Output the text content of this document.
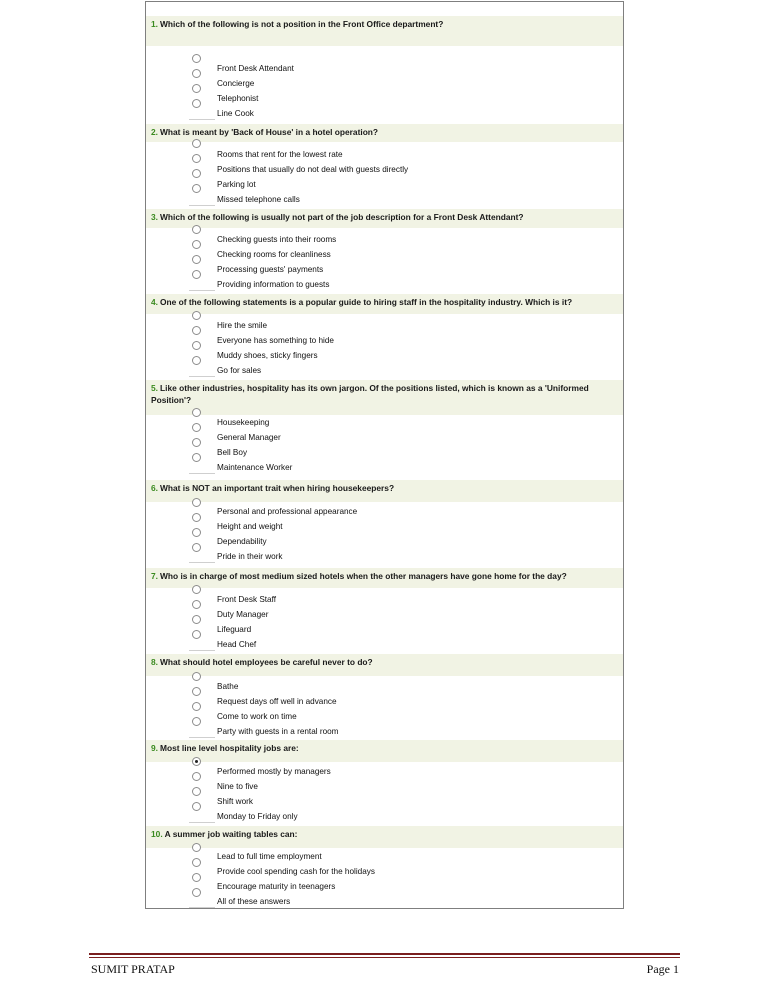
1. Which of the following is not a position in the Front Office department?
Front Desk Attendant
Concierge
Telephonist
Line Cook
2. What is meant by 'Back of House' in a hotel operation?
Rooms that rent for the lowest rate
Positions that usually do not deal with guests directly
Parking lot
Missed telephone calls
3. Which of the following is usually not part of the job description for a Front Desk Attendant?
Checking guests into their rooms
Checking rooms for cleanliness
Processing guests' payments
Providing information to guests
4. One of the following statements is a popular guide to hiring staff in the hospitality industry. Which is it?
Hire the smile
Everyone has something to hide
Muddy shoes, sticky fingers
Go for sales
5. Like other industries, hospitality has its own jargon. Of the positions listed, which is known as a 'Uniformed Position'?
Housekeeping
General Manager
Bell Boy
Maintenance Worker
6. What is NOT an important trait when hiring housekeepers?
Personal and professional appearance
Height and weight
Dependability
Pride in their work
7. Who is in charge of most medium sized hotels when the other managers have gone home for the day?
Front Desk Staff
Duty Manager
Lifeguard
Head Chef
8. What should hotel employees be careful never to do?
Bathe
Request days off well in advance
Come to work on time
Party with guests in a rental room
9. Most line level hospitality jobs are:
Performed mostly by managers
Nine to five
Shift work
Monday to Friday only
10. A summer job waiting tables can:
Lead to full time employment
Provide cool spending cash for the holidays
Encourage maturity in teenagers
All of these answers
SUMIT PRATAP	Page 1
